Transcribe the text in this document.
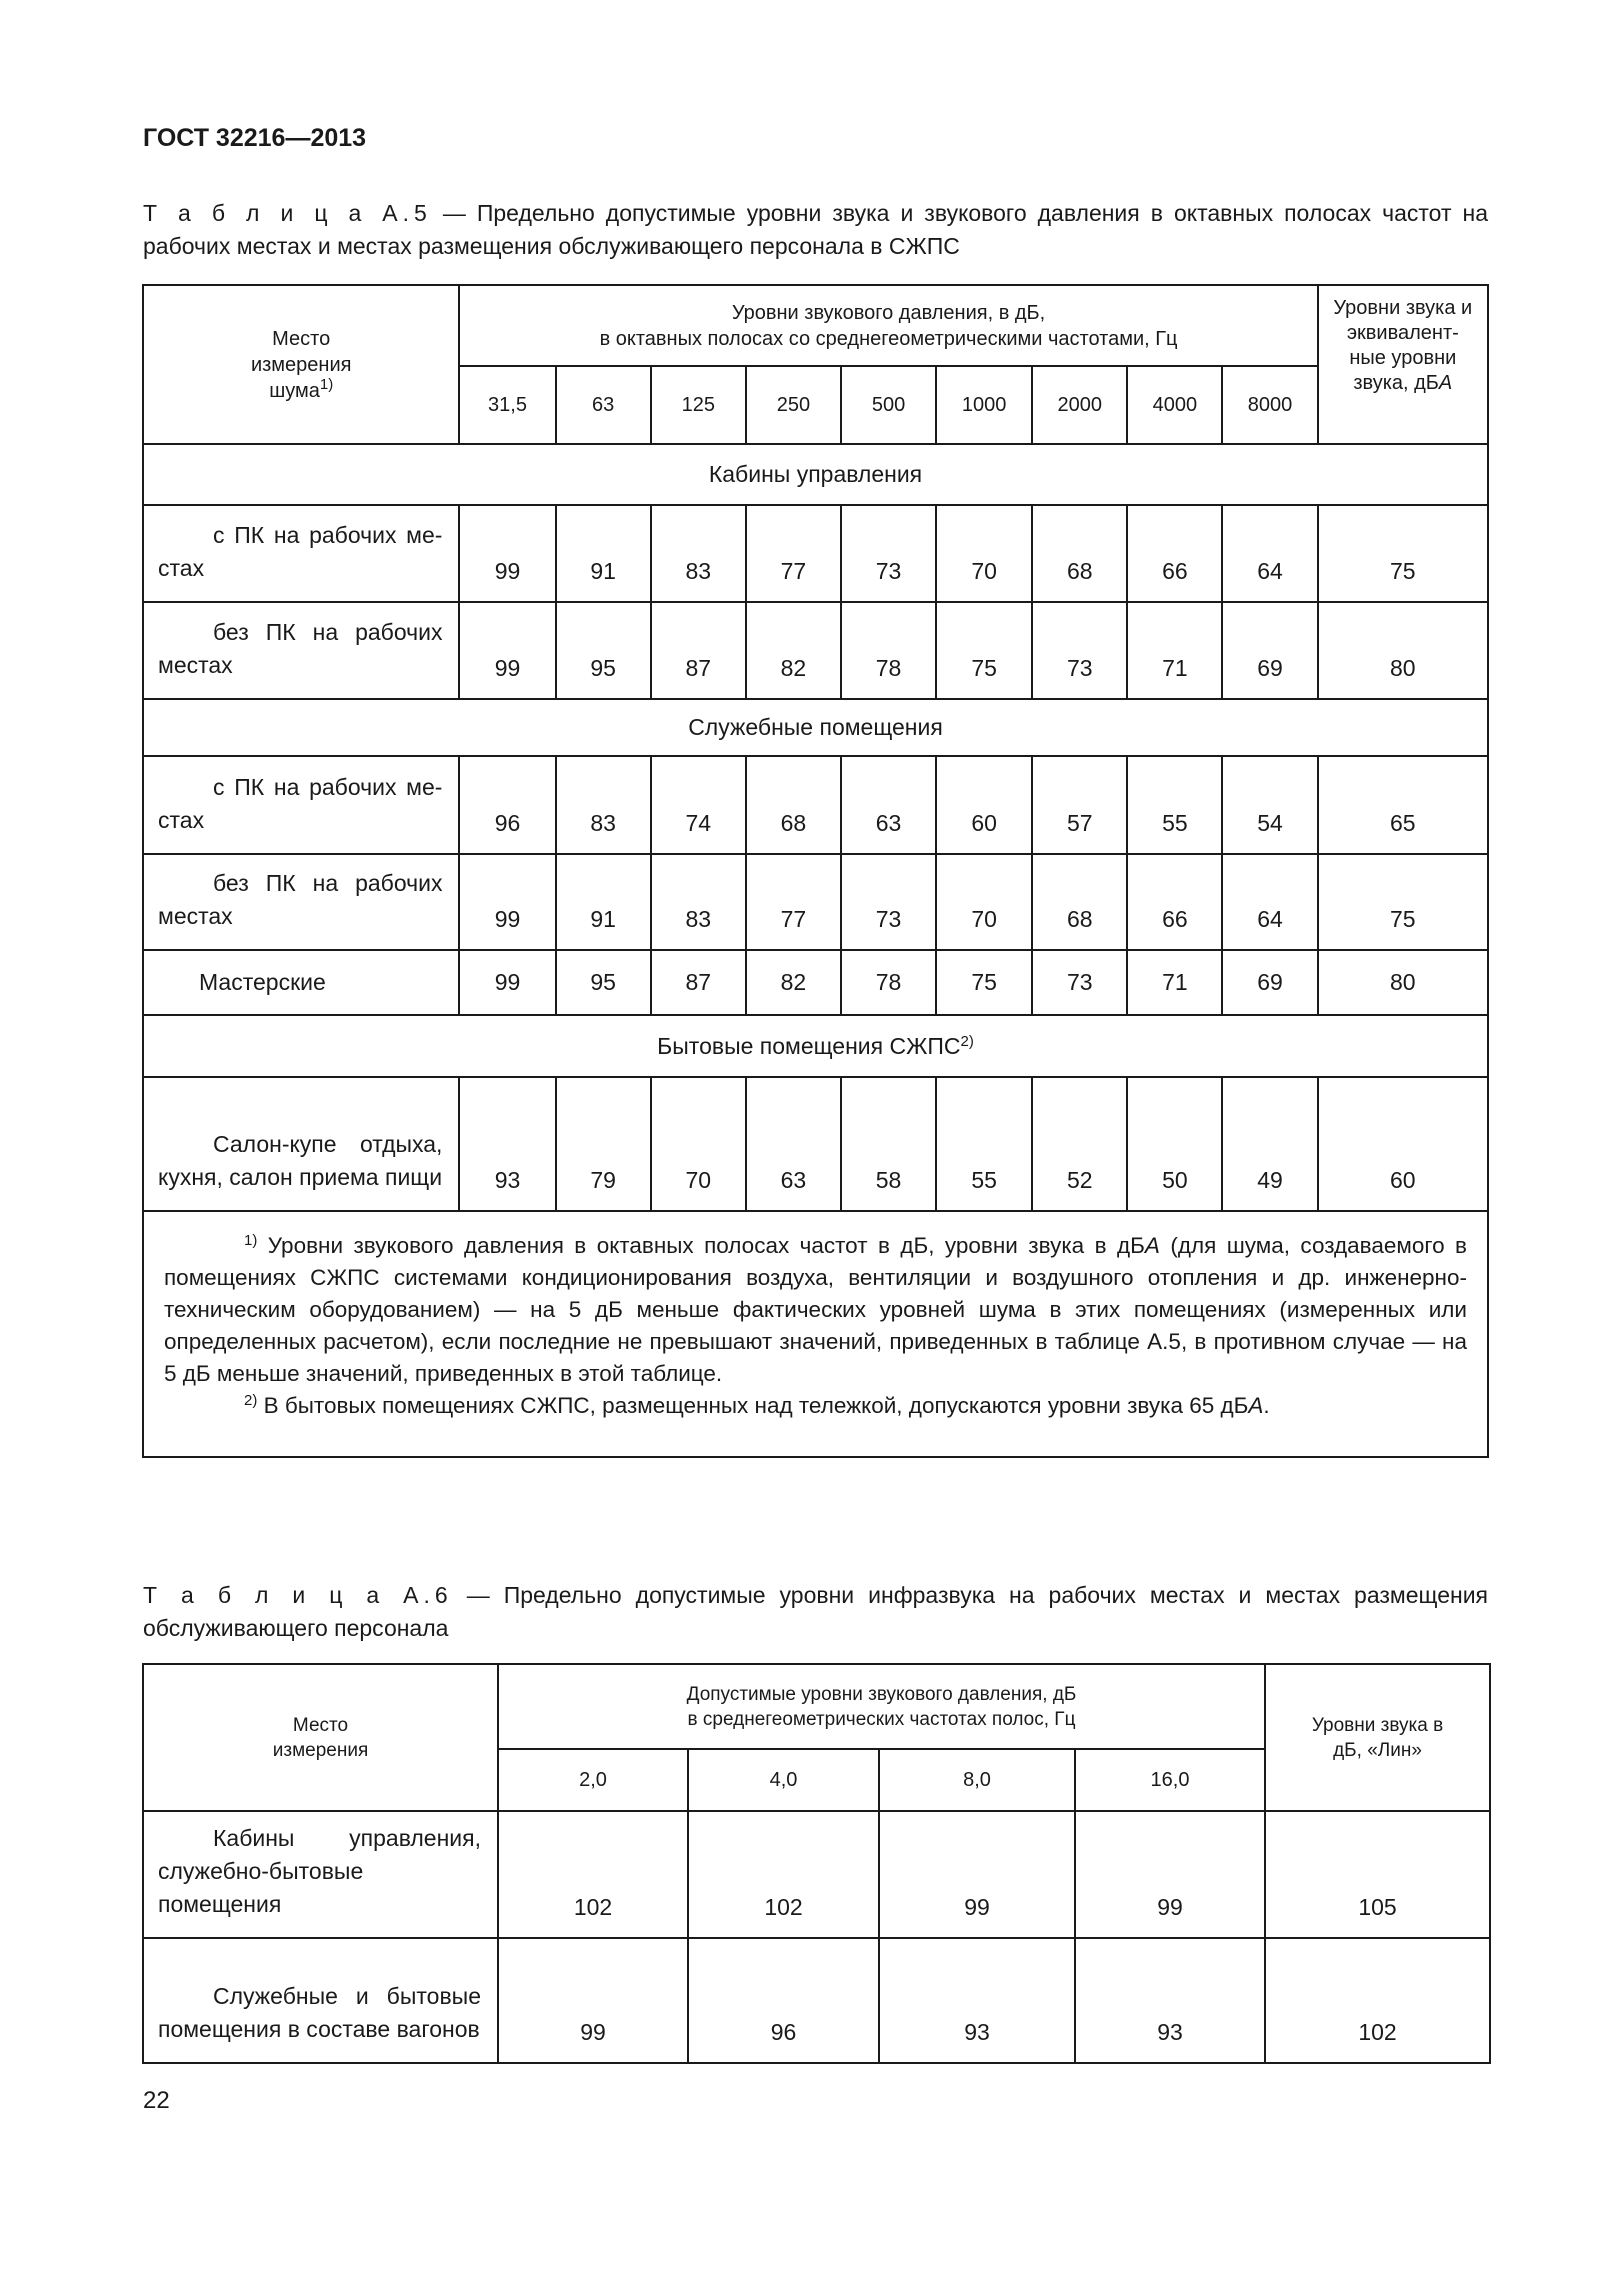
ГОСТ 32216—2013
Т а б л и ц а А.5 — Предельно допустимые уровни звука и звукового давления в октавных полосах частот на рабочих местах и местах размещения обслуживающего персонала в СЖПС
Место измерения шума$^{1)}$	Уровни звукового давления, в дБ,
в октавных полосах со среднегеометрическими частотами, Гц									Уровни звука и эквивалент-ные уровни звука, дБА

	31,5	63	125	250	500	1000	2000	4000	8000	
Кабины управления										

с ПК на рабочих ме-стах	99	91	83	77	73	70	68	66	64	75

без ПК на рабочих местах	99	95	87	82	78	75	73	71	69	80
Служебные помещения										

с ПК на рабочих ме-стах	96	83	74	68	63	60	57	55	54	65

без ПК на рабочих местах	99	91	83	77	73	70	68	66	64	75

Мастерские	99	95	87	82	78	75	73	71	69	80
Бытовые помещения СЖПС$^{2)}$

Салон-купе отдыха, кухня, салон приема пищи	93	79	70	63	58	55	52	50	49	60

$^{1)}$ Уровни звукового давления в октавных полосах частот в дБ, уровни звука в дБА (для шума, создаваемого в помещениях СЖПС системами кондиционирования воздуха, вентиляции и воздушного отопления и др. инженерно-техническим оборудованием) — на 5 дБ меньше фактических уровней шума в этих помещениях (измеренных или определенных расчетом), если последние не превышают значений, приведенных в таблице А.5, в противном случае — на 5 дБ меньше значений, приведенных в этой таблице.
$^{2)}$ В бытовых помещениях СЖПС, размещенных над тележкой, допускаются уровни звука 65 дБА.										
Т а б л и ц а А.6 — Предельно допустимые уровни инфразвука на рабочих местах и местах размещения обслуживающего персонала
Место измерения	Допустимые уровни звукового давления, дБ
в среднегеометрических частотах полос, Гц				Уровни звука в дБ, «Лин»

	2,0	4,0	8,0	16,0	

Кабины управления, служебно-бытовые помещения	102	102	99	99	105

Служебные и бытовые помещения в составе вагонов	99	96	93	93	102
22
